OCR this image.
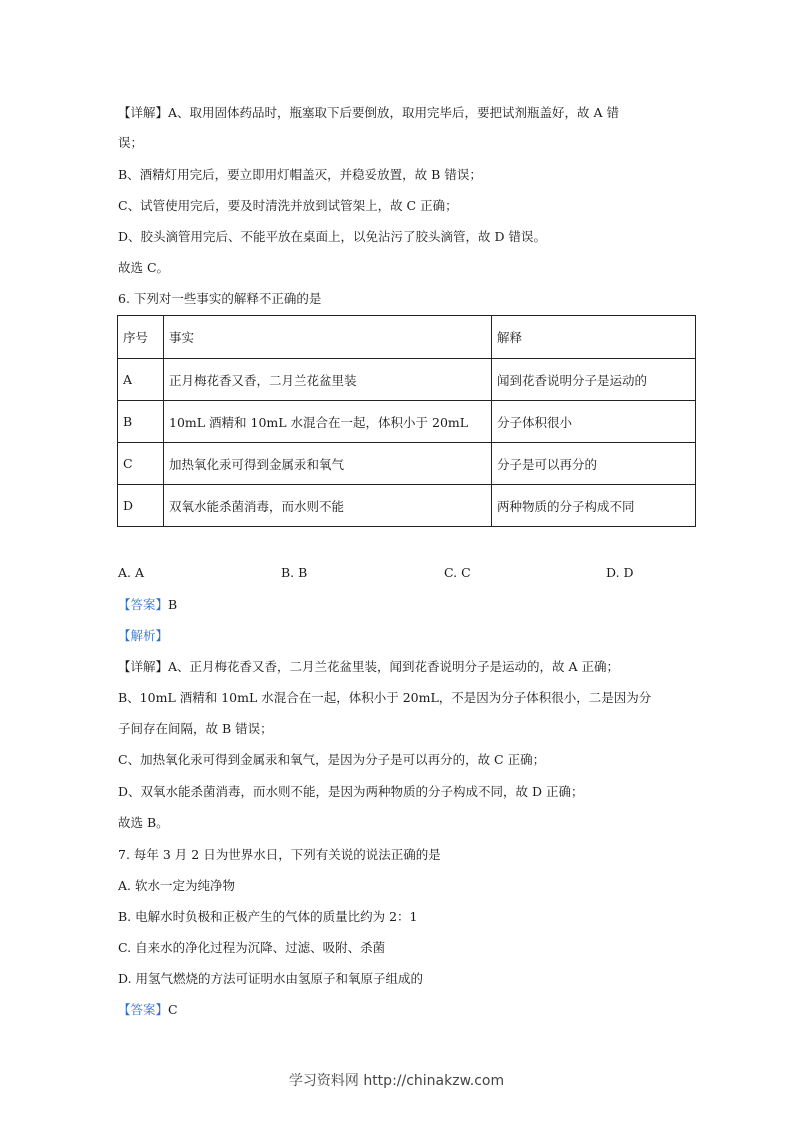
【详解】A、取用固体药品时，瓶塞取下后要倒放，取用完毕后，要把试剂瓶盖好，故 A 错
误；
B、酒精灯用完后，要立即用灯帽盖灭，并稳妥放置，故 B 错误；
C、试管使用完后，要及时清洗并放到试管架上，故 C 正确；
D、胶头滴管用完后、不能平放在桌面上，以免沾污了胶头滴管，故 D 错误。
故选 C。
6. 下列对一些事实的解释不正确的是
序号	事实	解释
A	正月梅花香又香，二月兰花盆里装	闻到花香说明分子是运动的
B	10mL 酒精和 10mL 水混合在一起，体积小于 20mL	分子体积很小
C	加热氧化汞可得到金属汞和氧气	分子是可以再分的
D	双氧水能杀菌消毒，而水则不能	两种物质的分子构成不同
A. A	B. B	C. C	D. D
【答案】B
【解析】
【详解】A、正月梅花香又香，二月兰花盆里装，闻到花香说明分子是运动的，故 A 正确；
B、10mL 酒精和 10mL 水混合在一起，体积小于 20mL，不是因为分子体积很小，二是因为分
子间存在间隔，故 B 错误；
C、加热氧化汞可得到金属汞和氧气，是因为分子是可以再分的，故 C 正确；
D、双氧水能杀菌消毒，而水则不能，是因为两种物质的分子构成不同，故 D 正确；
故选 B。
7. 每年 3 月 2 日为世界水日，下列有关说的说法正确的是
A. 软水一定为纯净物
B. 电解水时负极和正极产生的气体的质量比约为 2：1
C. 自来水的净化过程为沉降、过滤、吸附、杀菌
D. 用氢气燃烧的方法可证明水由氢原子和氧原子组成的
【答案】C
学习资料网 http://chinakzw.com
